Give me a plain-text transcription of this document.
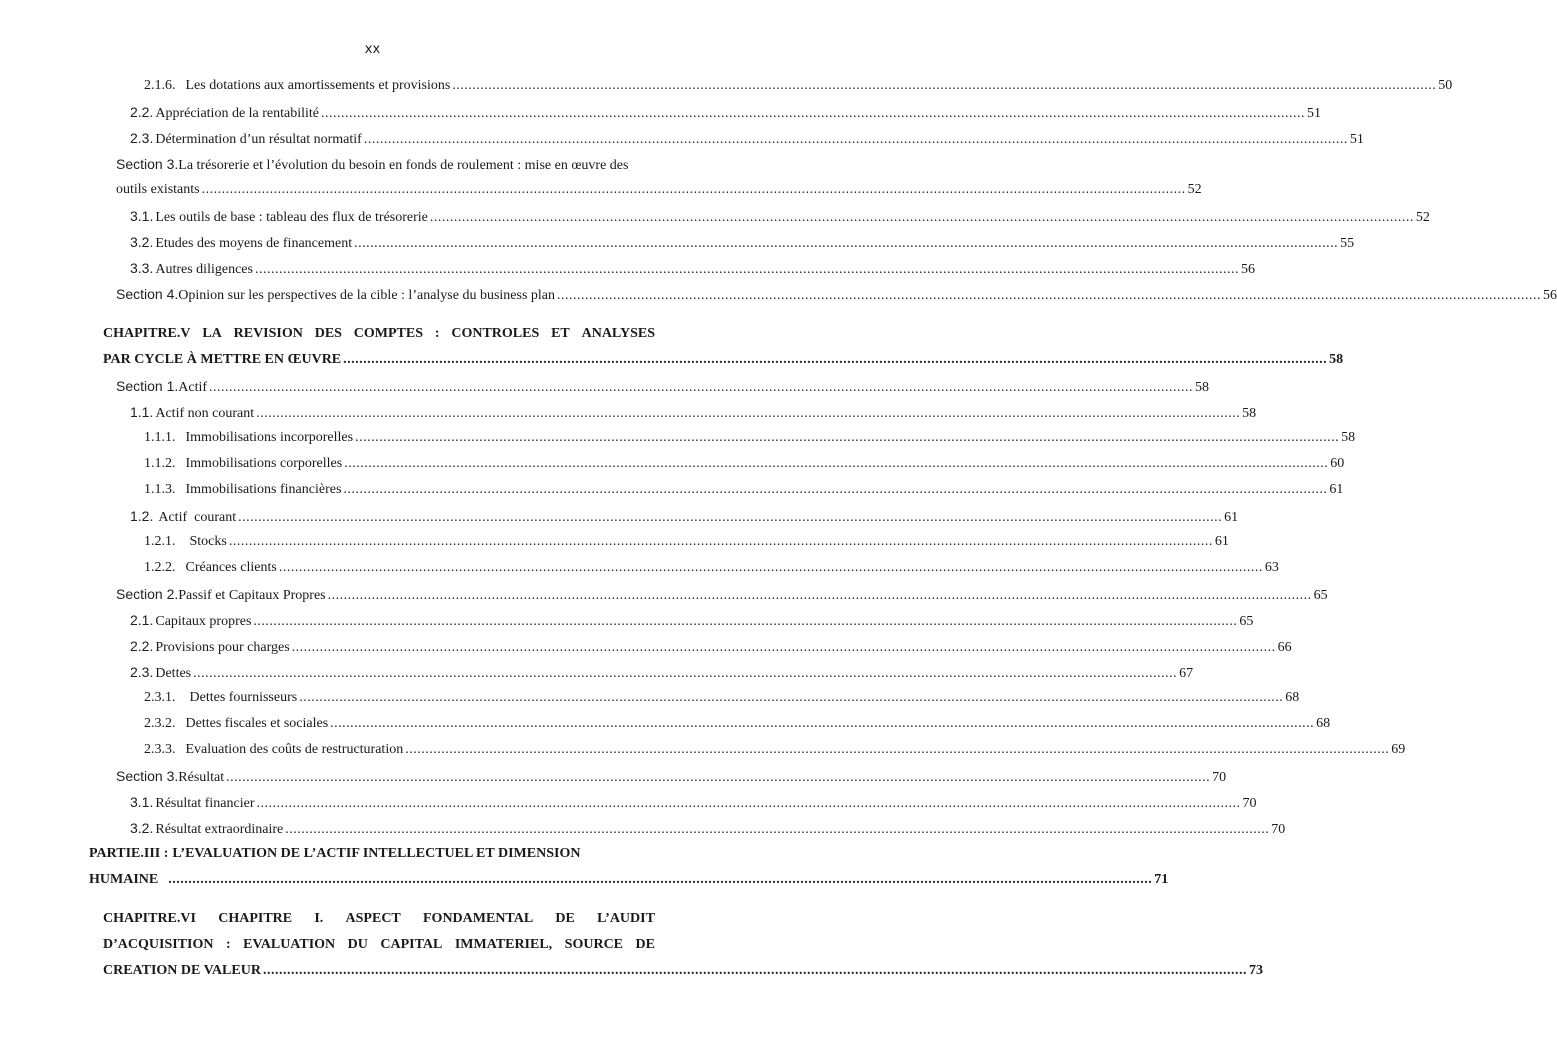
xx
2.1.6. Les dotations aux amortissements et provisions .....	50
2.2. Appréciation de la rentabilité .....	51
2.3. Détermination d’un résultat normatif .....	51
Section 3. La trésorerie et l’évolution du besoin en fonds de roulement : mise en œuvre des
outils existants .....	52
3.1. Les outils de base : tableau des flux de trésorerie .....	52
3.2. Etudes des moyens de financement .....	55
3.3. Autres diligences .....	56
Section 4. Opinion sur les perspectives de la cible : l’analyse du business plan .....	56
CHAPITRE.V LA REVISION DES COMPTES : CONTROLES ET ANALYSES
PAR CYCLE À METTRE EN ŒUVRE .....	58
Section 1. Actif .....	58
1.1. Actif non courant .....	58
1.1.1. Immobilisations incorporelles .....	58
1.1.2. Immobilisations corporelles .....	60
1.1.3. Immobilisations financières .....	61
1.2. Actif  courant .....	61
1.2.1. Stocks .....	61
1.2.2. Créances clients .....	63
Section 2. Passif et Capitaux Propres .....	65
2.1. Capitaux propres .....	65
2.2. Provisions pour charges .....	66
2.3. Dettes .....	67
2.3.1. Dettes fournisseurs .....	68
2.3.2. Dettes fiscales et sociales .....	68
2.3.3. Evaluation des coûts de restructuration .....	69
Section 3. Résultat .....	70
3.1. Résultat financier .....	70
3.2. Résultat extraordinaire .....	70
PARTIE.III : L’EVALUATION DE L’ACTIF INTELLECTUEL ET DIMENSION
HUMAINE .....	71
CHAPITRE.VI CHAPITRE I. ASPECT FONDAMENTAL DE L’AUDIT
D’ACQUISITION : EVALUATION DU CAPITAL IMMATERIEL, SOURCE DE
CREATION DE VALEUR .....	73
